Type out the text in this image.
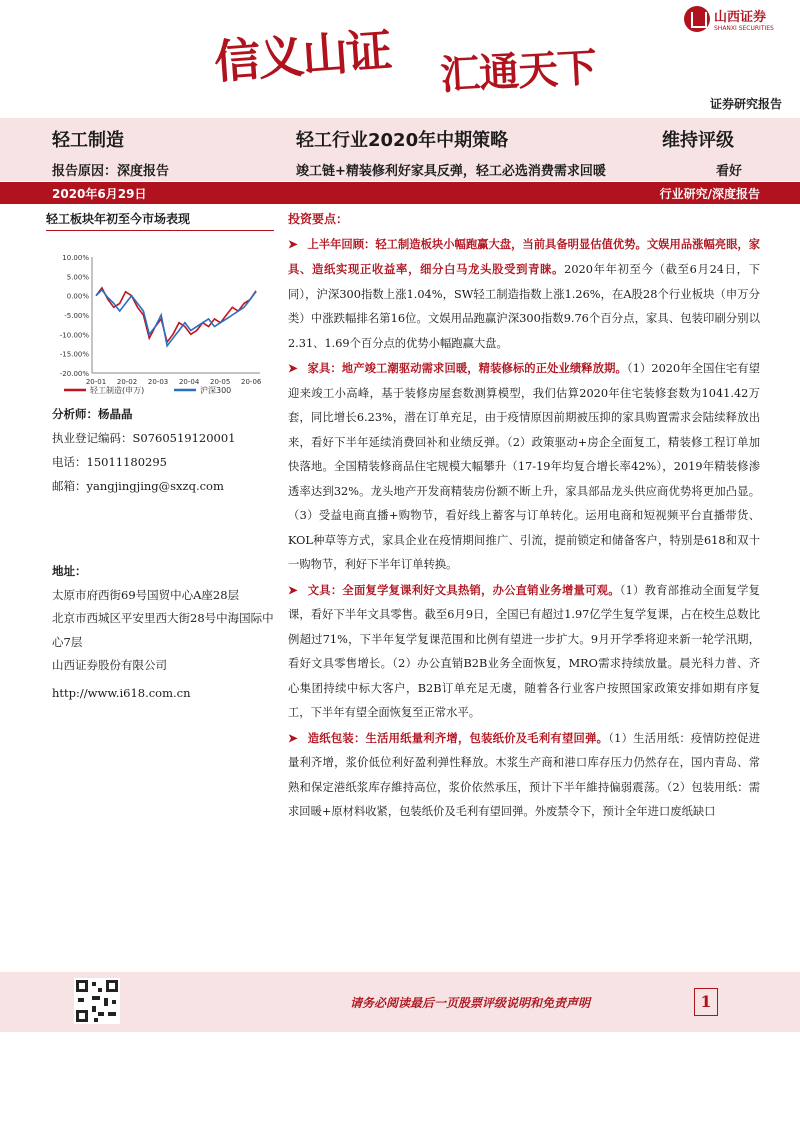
信义山证 汇通天下
山西证券
SHANXI SECURITIES
证券研究报告
轻工制造	轻工行业2020年中期策略	维持评级
报告原因：深度报告	竣工链+精装修利好家具反弹，轻工必选消费需求回暖	看好
2020年6月29日	行业研究/深度报告
轻工板块年初至今市场表现
10.00%
5.00%
0.00%
-5.00%
-10.00%
-15.00%
-20.00%
20-01 20-02 20-03 20-04 20-05 20-06
轻工制造(申万)	沪深300
分析师：杨晶晶
执业登记编码：S0760519120001
电话：15011180295
邮箱：yangjingjing@sxzq.com
地址：
太原市府西街69号国贸中心A座28层
北京市西城区平安里西大街28号中海国际中心7层
山西证券股份有限公司
http://www.i618.com.cn
投资要点：
➤ 上半年回顾：轻工制造板块小幅跑赢大盘，当前具备明显估值优势。文娱用品涨幅亮眼，家具、造纸实现正收益率，细分白马龙头股受到青睐。2020年年初至今（截至6月24日，下同），沪深300指数上涨1.04%，SW轻工制造指数上涨1.26%，在A股28个行业板块（申万分类）中涨跌幅排名第16位。文娱用品跑赢沪深300指数9.76个百分点，家具、包装印刷分别以2.31、1.69个百分点的优势小幅跑赢大盘。
➤ 家具：地产竣工潮驱动需求回暖，精装修标的正处业绩释放期。（1）2020年全国住宅有望迎来竣工小高峰，基于装修房屋套数测算模型，我们估算2020年住宅装修套数为1041.42万套，同比增长6.23%，潜在订单充足，由于疫情原因前期被压抑的家具购置需求会陆续释放出来，看好下半年延续消费回补和业绩反弹。（2）政策驱动+房企全面复工，精装修工程订单加快落地。全国精装修商品住宅规模大幅攀升（17-19年均复合增长率42%），2019年精装修渗透率达到32%。龙头地产开发商精装房份额不断上升，家具部品龙头供应商优势将更加凸显。（3）受益电商直播+购物节，看好线上蓄客与订单转化。运用电商和短视频平台直播带货、KOL种草等方式，家具企业在疫情期间推广、引流，提前锁定和储备客户，特别是618和双十一购物节，利好下半年订单转换。
➤ 文具：全面复学复课利好文具热销，办公直销业务增量可观。（1）教育部推动全面复学复课，看好下半年文具零售。截至6月9日，全国已有超过1.97亿学生复学复课，占在校生总数比例超过71%，下半年复学复课范围和比例有望进一步扩大。9月开学季将迎来新一轮学汛期，看好文具零售增长。（2）办公直销B2B业务全面恢复，MRO需求持续放量。晨光科力普、齐心集团持续中标大客户，B2B订单充足无虞，随着各行业客户按照国家政策安排如期有序复工，下半年有望全面恢复至正常水平。
➤ 造纸包装：生活用纸量利齐增，包装纸价及毛利有望回弹。（1）生活用纸：疫情防控促进量利齐增，浆价低位利好盈利弹性释放。木浆生产商和港口库存压力仍然存在，国内青岛、常熟和保定港纸浆库存維持高位，浆价依然承压，预计下半年維持偏弱震荡。（2）包装用纸：需求回暖+原材料收紧，包装纸价及毛利有望回弹。外废禁令下，预计全年进口废纸缺口
请务必阅读最后一页股票评级说明和免责声明	1
